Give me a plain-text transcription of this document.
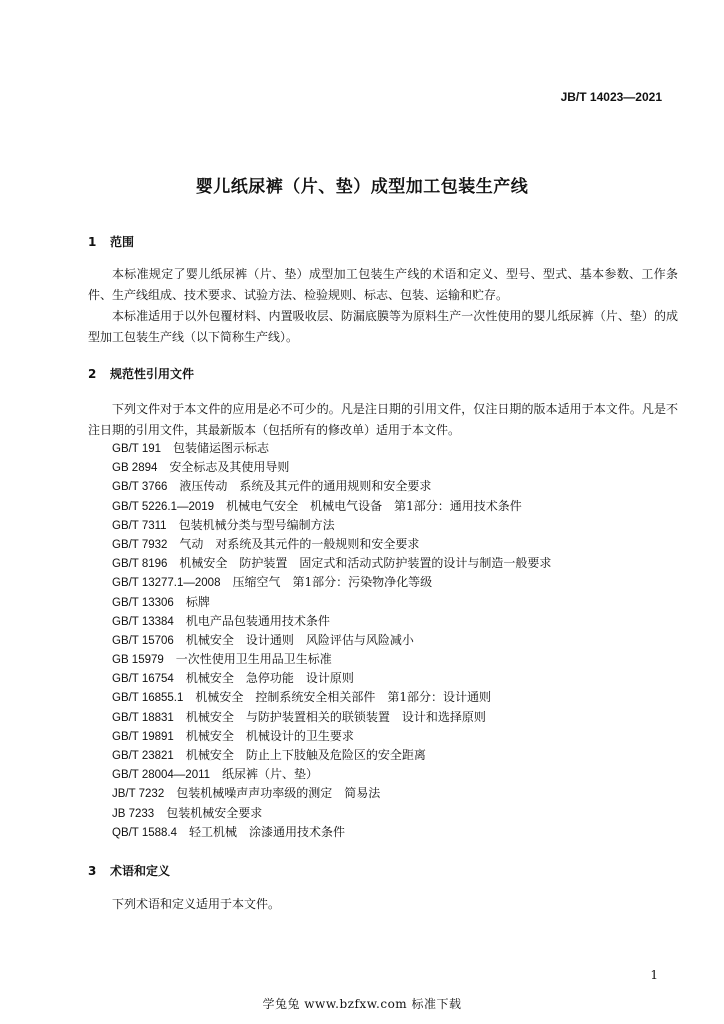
JB/T 14023—2021
婴儿纸尿裤（片、垫）成型加工包装生产线
1 范围

本标准规定了婴儿纸尿裤（片、垫）成型加工包装生产线的术语和定义、型号、型式、基本参数、工作条件、生产线组成、技术要求、试验方法、检验规则、标志、包装、运输和贮存。

本标准适用于以外包覆材料、内置吸收层、防漏底膜等为原料生产一次性使用的婴儿纸尿裤（片、垫）的成型加工包装生产线（以下简称生产线）。

2 规范性引用文件

下列文件对于本文件的应用是必不可少的。凡是注日期的引用文件，仅注日期的版本适用于本文件。凡是不注日期的引用文件，其最新版本（包括所有的修改单）适用于本文件。

GB/T 191 包装储运图示标志
GB 2894 安全标志及其使用导则
GB/T 3766 液压传动　系统及其元件的通用规则和安全要求
GB/T 5226.1—2019 机械电气安全　机械电气设备　第1部分：通用技术条件
GB/T 7311 包装机械分类与型号编制方法
GB/T 7932 气动　对系统及其元件的一般规则和安全要求
GB/T 8196 机械安全　防护装置　固定式和活动式防护装置的设计与制造一般要求
GB/T 13277.1—2008 压缩空气　第1部分：污染物净化等级
GB/T 13306 标牌
GB/T 13384 机电产品包装通用技术条件
GB/T 15706 机械安全　设计通则　风险评估与风险减小
GB 15979 一次性使用卫生用品卫生标准
GB/T 16754 机械安全　急停功能　设计原则
GB/T 16855.1 机械安全　控制系统安全相关部件　第1部分：设计通则
GB/T 18831 机械安全　与防护装置相关的联锁装置　设计和选择原则
GB/T 19891 机械安全　机械设计的卫生要求
GB/T 23821 机械安全　防止上下肢触及危险区的安全距离
GB/T 28004—2011 纸尿裤（片、垫）
JB/T 7232 包装机械噪声声功率级的测定　简易法
JB 7233 包装机械安全要求
QB/T 1588.4 轻工机械　涂漆通用技术条件
3 术语和定义

下列术语和定义适用于本文件。

1
学兔兔 www.bzfxw.com 标准下载
